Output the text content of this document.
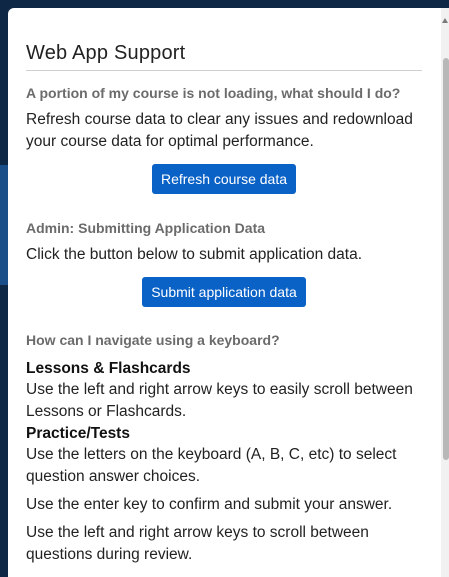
Web App Support
A portion of my course is not loading, what should I do?
Refresh course data to clear any issues and redownload your course data for optimal performance.
Refresh course data
Admin: Submitting Application Data
Click the button below to submit application data.
Submit application data
How can I navigate using a keyboard?
Lessons & Flashcards
Use the left and right arrow keys to easily scroll between Lessons or Flashcards.
Practice/Tests
Use the letters on the keyboard (A, B, C, etc) to select question answer choices.
Use the enter key to confirm and submit your answer.
Use the left and right arrow keys to scroll between questions during review.
